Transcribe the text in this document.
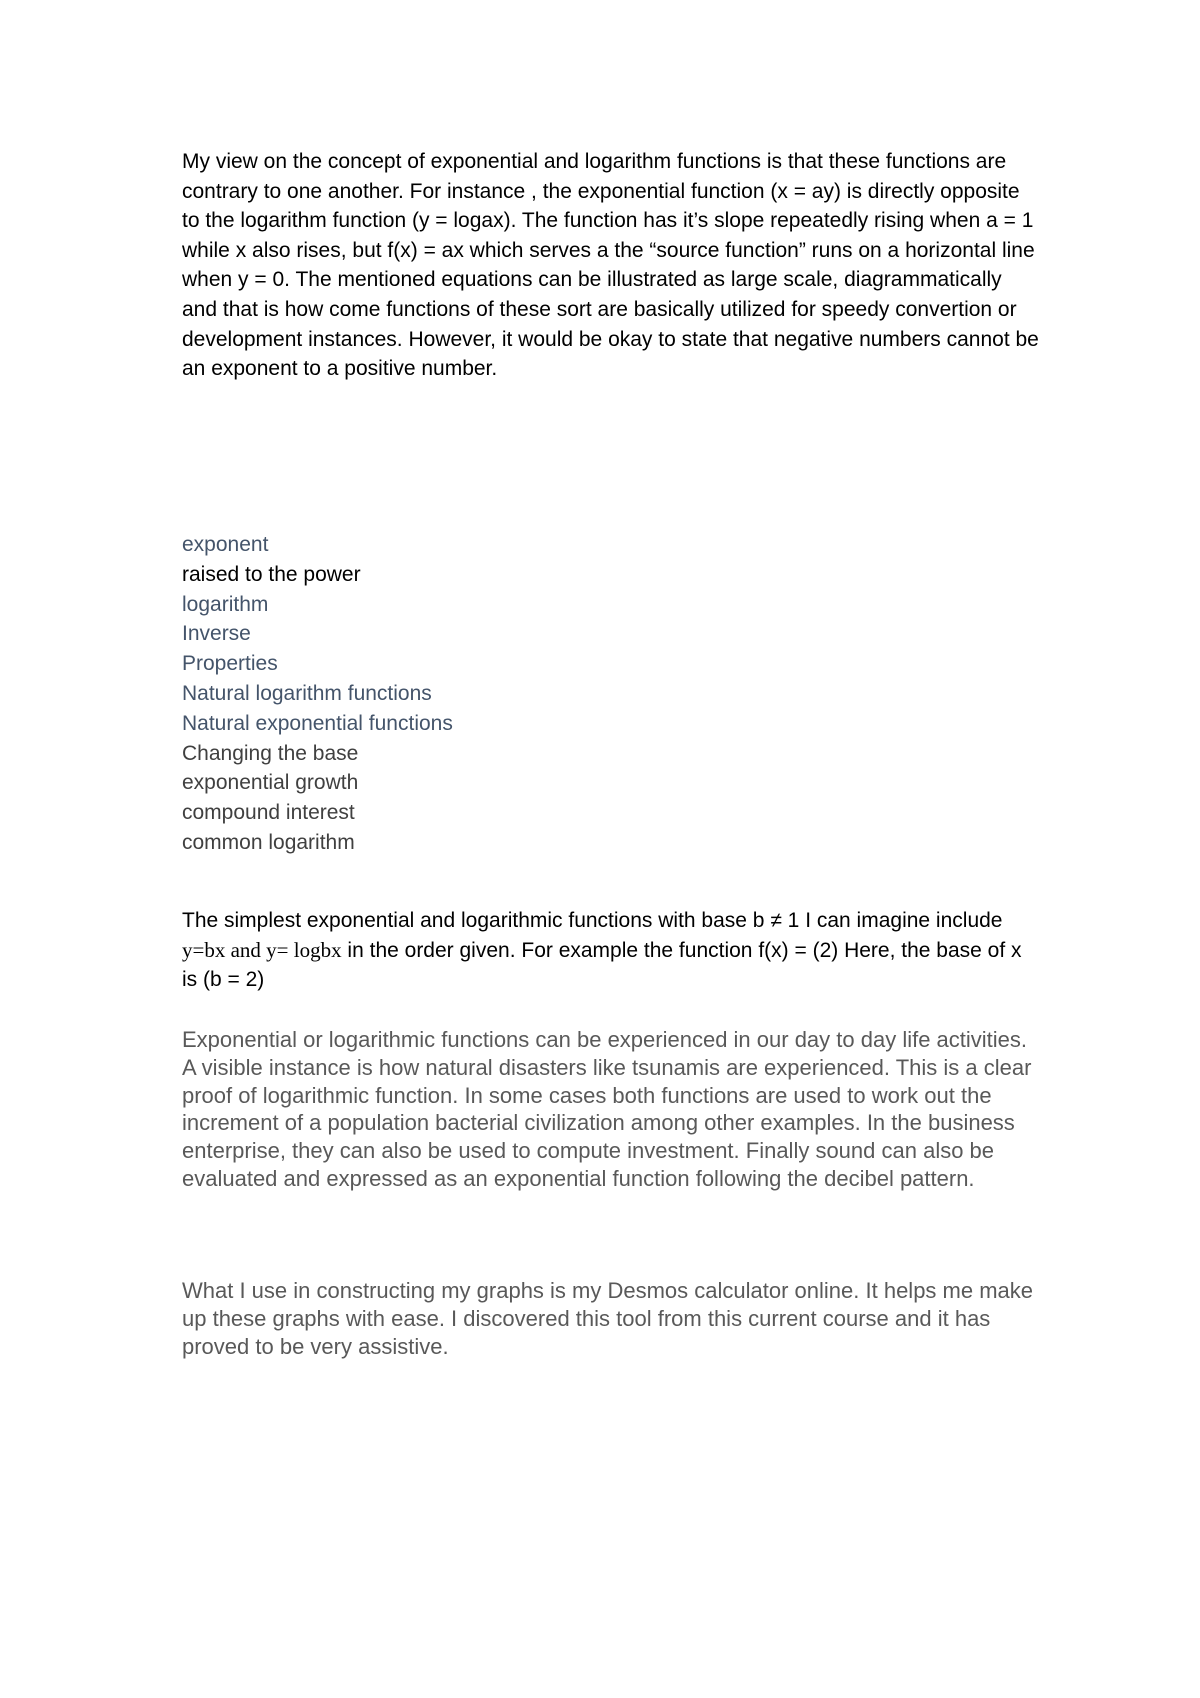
My view on the concept of exponential and logarithm functions is that these functions are contrary to one another. For instance , the exponential function (x = ay) is directly opposite to the logarithm function (y = logax). The function has it’s slope repeatedly rising when a = 1 while x also rises, but f(x) = ax which serves a the “source function” runs on a horizontal line when y = 0. The mentioned equations can be illustrated as large scale, diagrammatically and that is how come functions of these sort are basically utilized for speedy convertion or development instances. However, it would be okay to state that negative numbers cannot be an exponent to a positive number.

exponent
raised to the power
logarithm
Inverse
Properties
Natural logarithm functions
Natural exponential functions
Changing the base
exponential growth
compound interest
common logarithm

The simplest exponential and logarithmic functions with base b ≠ 1 I can imagine include y=bx and y= logbx in the order given. For example the function f(x) = (2) Here, the base of x is (b = 2)

Exponential or logarithmic functions can be experienced in our day to day life activities. A visible instance is how natural disasters like tsunamis are experienced. This is a clear proof of logarithmic function. In some cases both functions are used to work out the increment of a population bacterial civilization among other examples. In the business enterprise, they can also be used to compute investment. Finally sound can also be evaluated and expressed as an exponential function following the decibel pattern.

What I use in constructing my graphs is my Desmos calculator online. It helps me make up these graphs with ease. I discovered this tool from this current course and it has proved to be very assistive.
